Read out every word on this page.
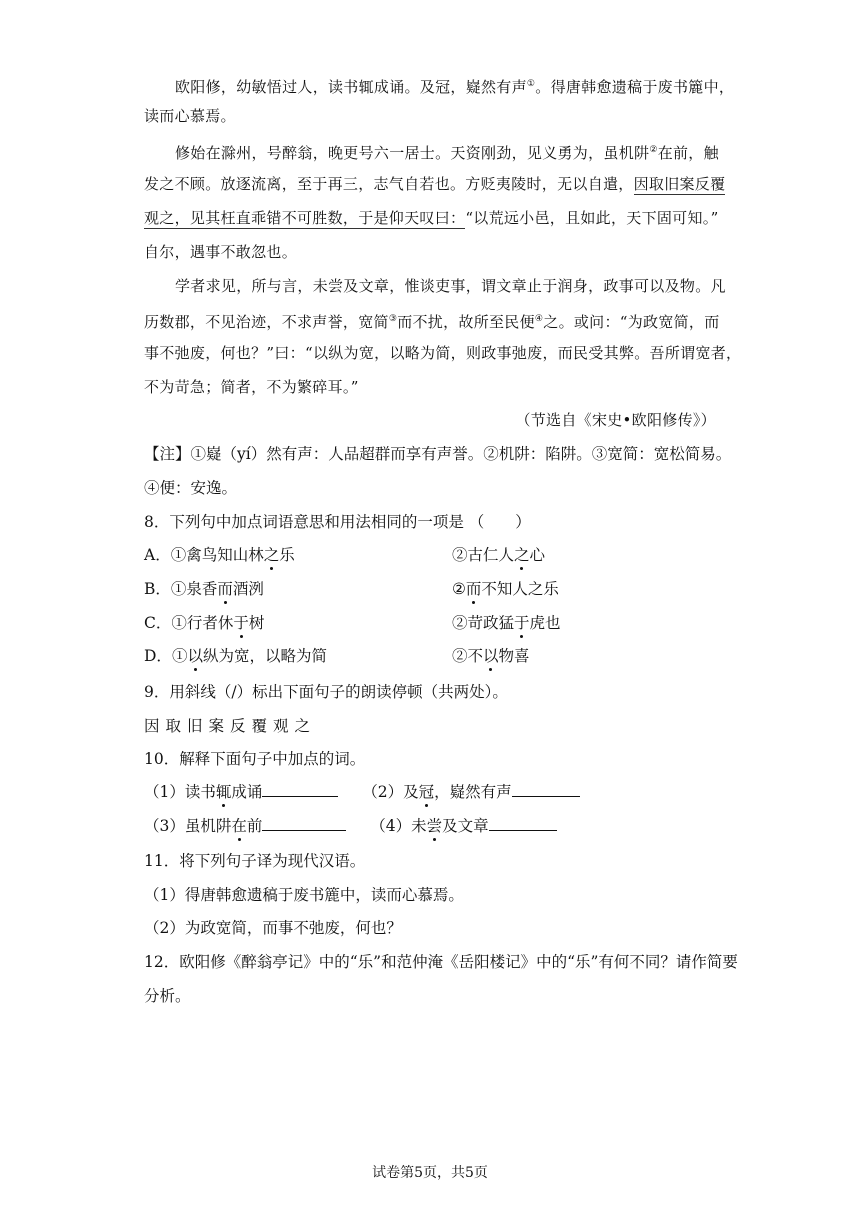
欧阳修，幼敏悟过人，读书辄成诵。及冠，嶷然有声①。得唐韩愈遗稿于废书簏中，
读而心慕焉。
修始在滁州，号醉翁，晚更号六一居士。天资刚劲，见义勇为，虽机阱②在前，触
发之不顾。放逐流离，至于再三，志气自若也。方贬夷陵时，无以自遣，因取旧案反覆
观之，见其枉直乖错不可胜数，于是仰天叹曰：“以荒远小邑，且如此，天下固可知。”
自尔，遇事不敢忽也。
学者求见，所与言，未尝及文章，惟谈吏事，谓文章止于润身，政事可以及物。凡
历数郡，不见治迹，不求声誉，宽简③而不扰，故所至民便④之。或问：“为政宽简，而
事不弛废，何也？”曰：“以纵为宽，以略为简，则政事弛废，而民受其弊。吾所谓宽者，
不为苛急；简者，不为繁碎耳。”
（节选自《宋史•欧阳修传》）
【注】①嶷（yí）然有声：人品超群而享有声誉。②机阱：陷阱。③宽简：宽松简易。
④便：安逸。
8．下列句中加点词语意思和用法相同的一项是 （　　）
A．①禽鸟知山林之乐	②古仁人之心
B．①泉香而酒洌	②而不知人之乐
C．①行者休于树	②苛政猛于虎也
D．①以纵为宽，以略为简	②不以物喜
9．用斜线（/）标出下面句子的朗读停顿（共两处）。
因取旧案反覆观之
10．解释下面句子中加点的词。
（1）读书辄成诵	（2）及冠，嶷然有声
（3）虽机阱在前	（4）未尝及文章
11．将下列句子译为现代汉语。
（1）得唐韩愈遗稿于废书簏中，读而心慕焉。
（2）为政宽简，而事不弛废，何也？
12．欧阳修《醉翁亭记》中的“乐”和范仲淹《岳阳楼记》中的“乐”有何不同？请作简要
分析。
试卷第5页，共5页
